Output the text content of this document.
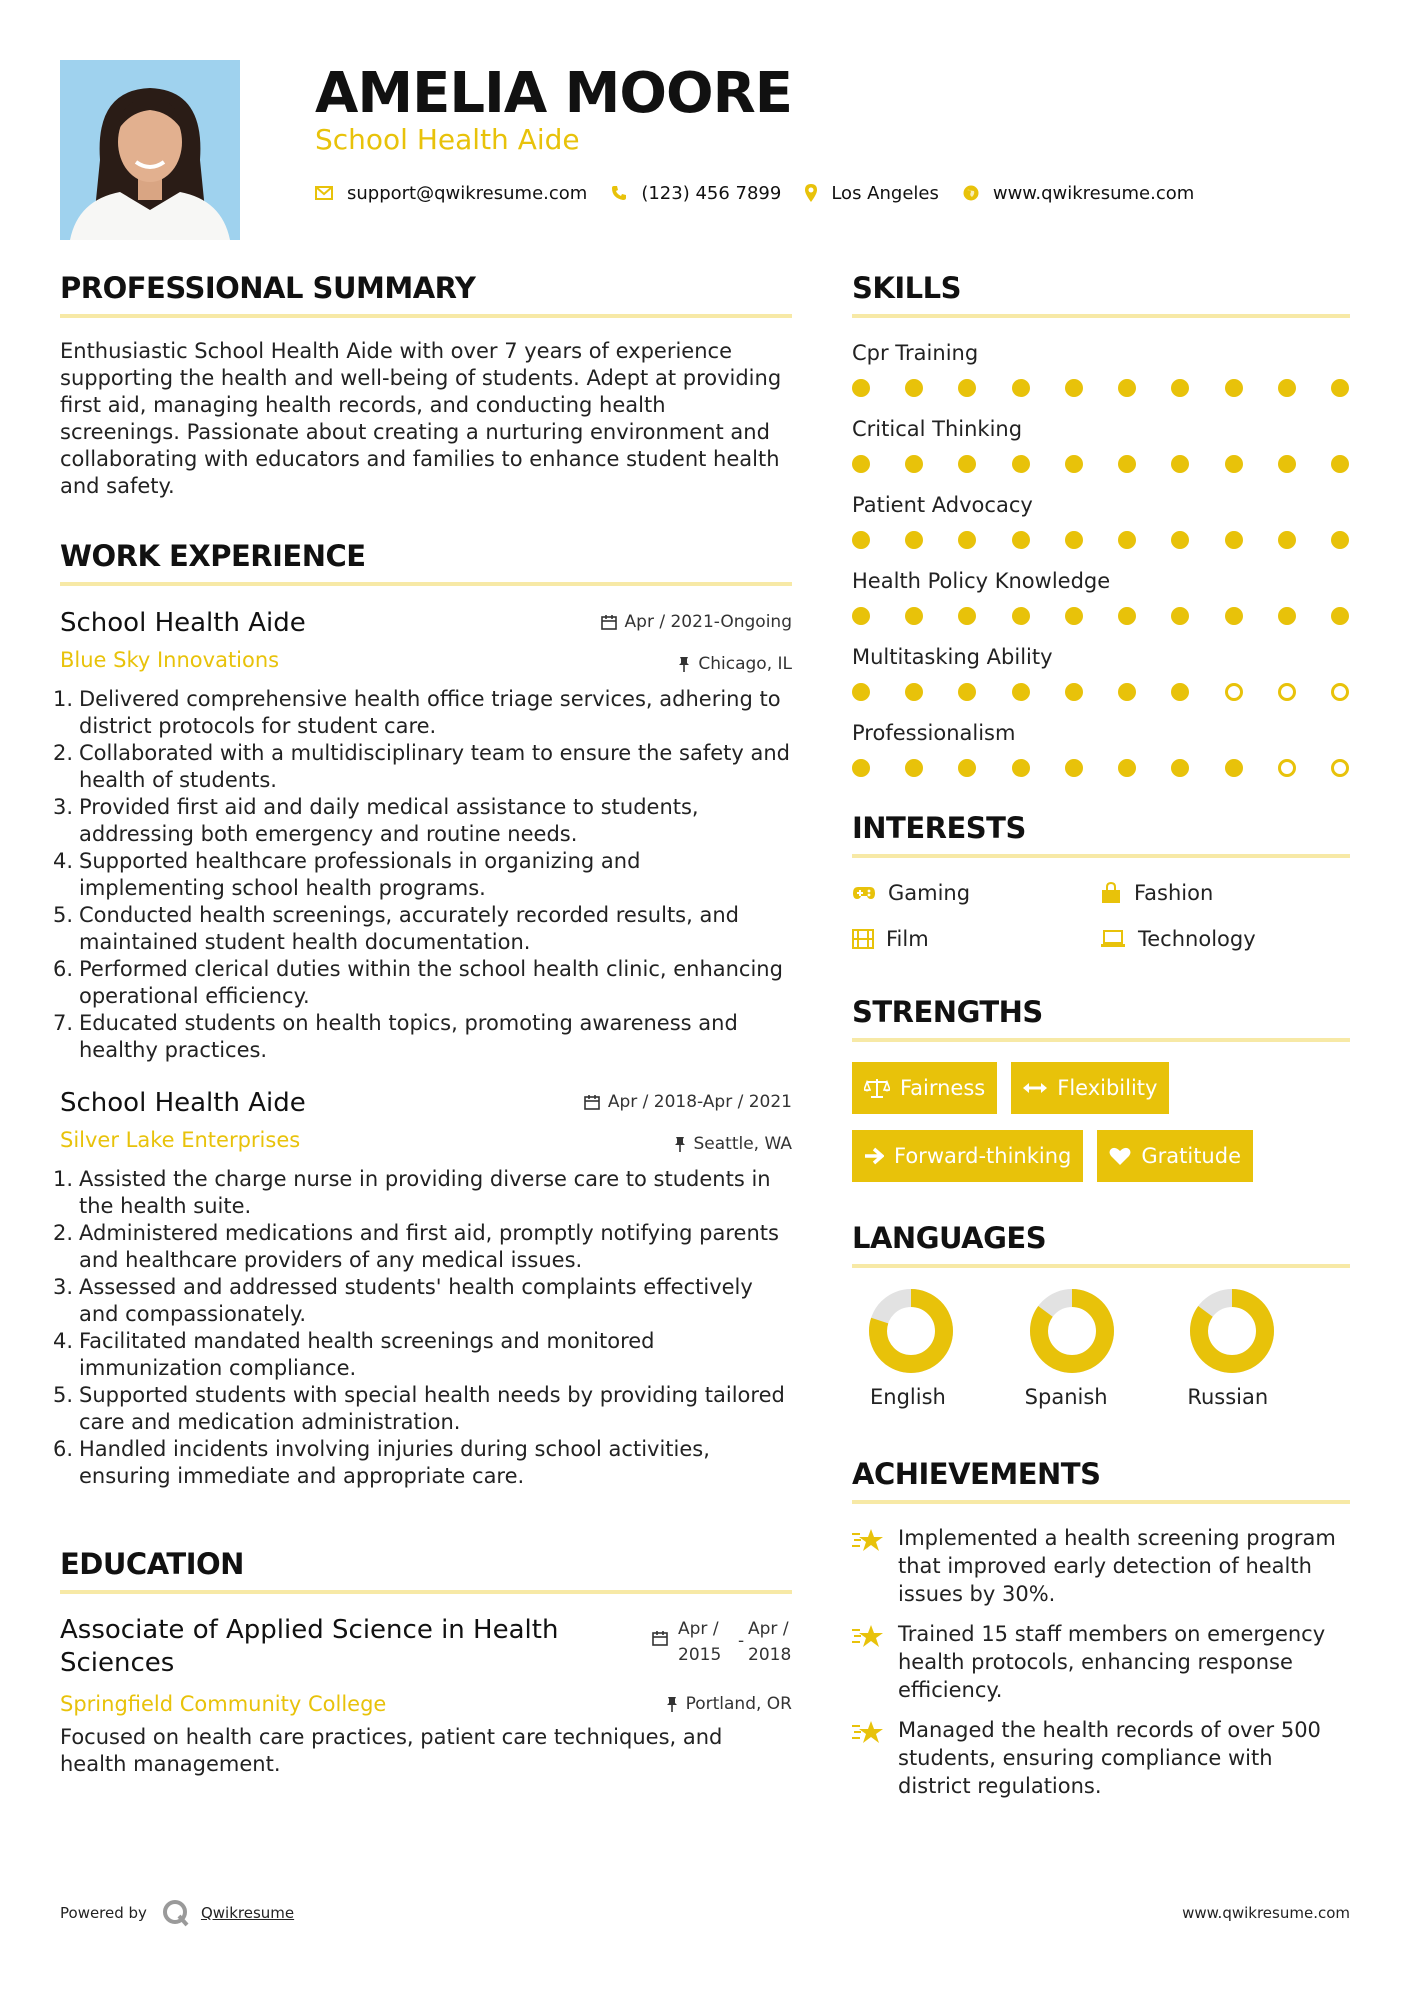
AMELIA MOORE
School Health Aide
support@qwikresume.com	(123) 456 7899	Los Angeles	www.qwikresume.com
PROFESSIONAL SUMMARY

Enthusiastic School Health Aide with over 7 years of experience supporting the health and well-being of students. Adept at providing first aid, managing health records, and conducting health screenings. Passionate about creating a nurturing environment and collaborating with educators and families to enhance student health and safety.

WORK EXPERIENCE
School Health Aide	Apr / 2021-Ongoing
Blue Sky Innovations	Chicago, IL
1. Delivered comprehensive health office triage services, adhering to district protocols for student care.
2. Collaborated with a multidisciplinary team to ensure the safety and health of students.
3. Provided first aid and daily medical assistance to students, addressing both emergency and routine needs.
4. Supported healthcare professionals in organizing and implementing school health programs.
5. Conducted health screenings, accurately recorded results, and maintained student health documentation.
6. Performed clerical duties within the school health clinic, enhancing operational efficiency.
7. Educated students on health topics, promoting awareness and healthy practices.
School Health Aide	Apr / 2018-Apr / 2021
Silver Lake Enterprises	Seattle, WA
1. Assisted the charge nurse in providing diverse care to students in the health suite.
2. Administered medications and first aid, promptly notifying parents and healthcare providers of any medical issues.
3. Assessed and addressed students' health complaints effectively and compassionately.
4. Facilitated mandated health screenings and monitored immunization compliance.
5. Supported students with special health needs by providing tailored care and medication administration.
6. Handled incidents involving injuries during school activities, ensuring immediate and appropriate care.
EDUCATION
Associate of Applied Science in Health Sciences
Apr /
2015
-
Apr /
2018
Springfield Community College	Portland, OR

Focused on health care practices, patient care techniques, and health management.

SKILLS
Cpr Training
Critical Thinking
Patient Advocacy
Health Policy Knowledge
Multitasking Ability
Professionalism
INTERESTS
Gaming	Fashion
Film	Technology
STRENGTHS
Fairness	Flexibility
Forward-thinking	Gratitude
LANGUAGES
English	Spanish	Russian
ACHIEVEMENTS
Implemented a health screening program that improved early detection of health issues by 30%.
Trained 15 staff members on emergency health protocols, enhancing response efficiency.
Managed the health records of over 500 students, ensuring compliance with district regulations.
Powered by	Qwikresume	www.qwikresume.com
